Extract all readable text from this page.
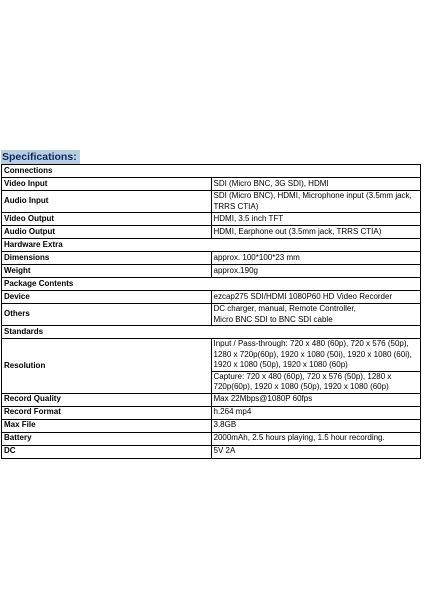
Specifications:
Connections	
Video Input	SDI (Micro BNC, 3G SDI), HDMI
Audio Input	SDI (Micro BNC), HDMI, Microphone input (3.5mm jack, TRRS CTIA)
Video Output	HDMI, 3.5 inch TFT
Audio Output	HDMI, Earphone out (3.5mm jack, TRRS CTIA)
Hardware Extra	
Dimensions	approx. 100*100*23 mm
Weight	approx.190g
Package Contents	
Device	ezcap275 SDI/HDMI 1080P60 HD Video Recorder
Others	DC charger, manual, Remote Controller,
Micro BNC SDI to BNC SDI cable

Standards	
Resolution	Input / Pass-through: 720 x 480 (60p), 720 x 576 (50p), 1280 x 720p(60p), 1920 x 1080 (50i), 1920 x 1080 (60i), 1920 x 1080 (50p), 1920 x 1080 (60p)

	Capture: 720 x 480 (60p), 720 x 576 (50p), 1280 x 720p(60p), 1920 x 1080 (50p), 1920 x 1080 (60p)

Record Quality	Max 22Mbps@1080P 60fps
Record Format	h.264 mp4
Max File	3.8GB
Battery	2000mAh, 2.5 hours playing, 1.5 hour recording.
DC	5V 2A
